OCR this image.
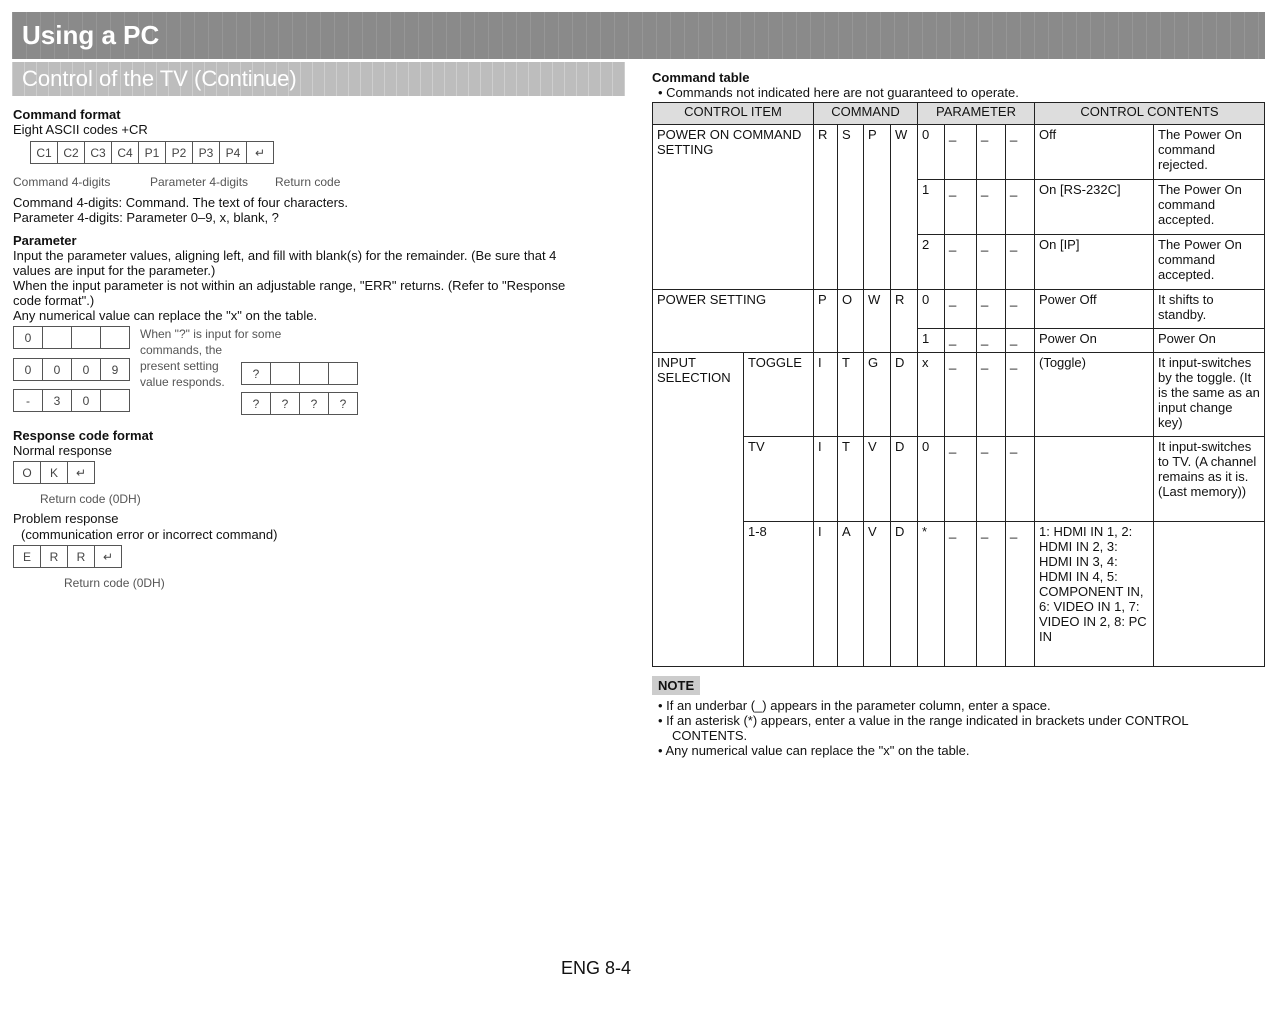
Using a PC
Control of the TV (Continue)
Command format
Eight ASCII codes +CR
C1 C2 C3 C4 P1	P2	P3	P4	↵
Command 4-digits	Parameter 4-digits Return code
Command 4-digits: Command. The text of four characters.
Parameter 4-digits: Parameter 0–9, x, blank, ?
Parameter
Input the parameter values, aligning left, and fill with blank(s) for the remainder. (Be sure that 4
values are input for the parameter.)
When the input parameter is not within an adjustable range, "ERR" returns. (Refer to "Response
code format".)
Any numerical value can replace the "x" on the table.
0
0	0	0	9
-	3	0
When "?" is input for some
commands, the
present setting
value responds.
?
?	?	?	?
Response code format
Normal response
O	K	↵
Return code (0DH)
Problem response
(communication error or incorrect command)
E	R	R	↵
Return code (0DH)
Command table
• Commands not indicated here are not guaranteed to operate.
CONTROL ITEM		COMMAND				PARAMETER				CONTROL CONTENTS	
POWER ON COMMAND SETTING		R	S	P	W	0	_	_	_	Off	The Power On command rejected.
						1	_	_	_	On [RS-232C]	The Power On command accepted.
						2	_	_	_	On [IP]	The Power On command accepted.
POWER SETTING		P	O	W	R	0	_	_	_	Power Off	It shifts to standby.
						1	_	_	_	Power On	Power On
INPUT SELECTION	TOGGLE	I	T	G	D	x	_	_	_	(Toggle)	It input-switches by the toggle. (It is the same as an input change key)
	TV	I	T	V	D	0	_	_	_		It input-switches to TV. (A channel remains as it is. (Last memory))
	1-8	I	A	V	D	*	_	_	_	1: HDMI IN 1, 2: HDMI IN 2, 3: HDMI IN 3, 4: HDMI IN 4, 5: COMPONENT IN, 6: VIDEO IN 1, 7: VIDEO IN 2, 8: PC IN	
NOTE
• If an underbar (_) appears in the parameter column, enter a space.
• If an asterisk (*) appears, enter a value in the range indicated in brackets under CONTROL
CONTENTS.
• Any numerical value can replace the "x" on the table.
ENG 8-4
